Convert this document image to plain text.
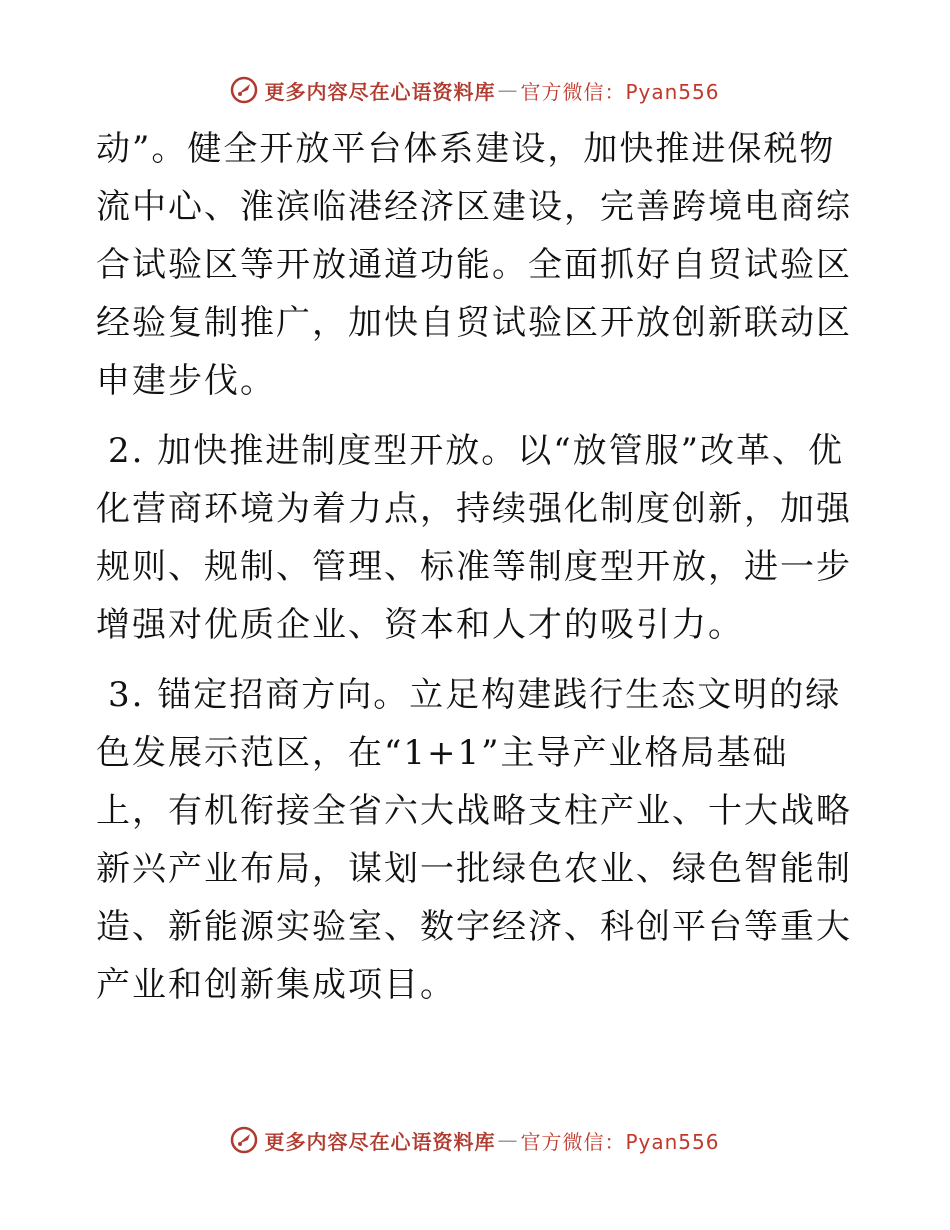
更多内容尽在心语资料库 — 官方微信：Pyan556

动”。健全开放平台体系建设，加快推进保税物流中心、淮滨临港经济区建设，完善跨境电商综合试验区等开放通道功能。全面抓好自贸试验区经验复制推广，加快自贸试验区开放创新联动区申建步伐。

2. 加快推进制度型开放。以“放管服”改革、优化营商环境为着力点，持续强化制度创新，加强规则、规制、管理、标准等制度型开放，进一步增强对优质企业、资本和人才的吸引力。

3. 锚定招商方向。立足构建践行生态文明的绿色发展示范区，在“1+1”主导产业格局基础上，有机衔接全省六大战略支柱产业、十大战略新兴产业布局，谋划一批绿色农业、绿色智能制造、新能源实验室、数字经济、科创平台等重大产业和创新集成项目。

更多内容尽在心语资料库 — 官方微信：Pyan556
